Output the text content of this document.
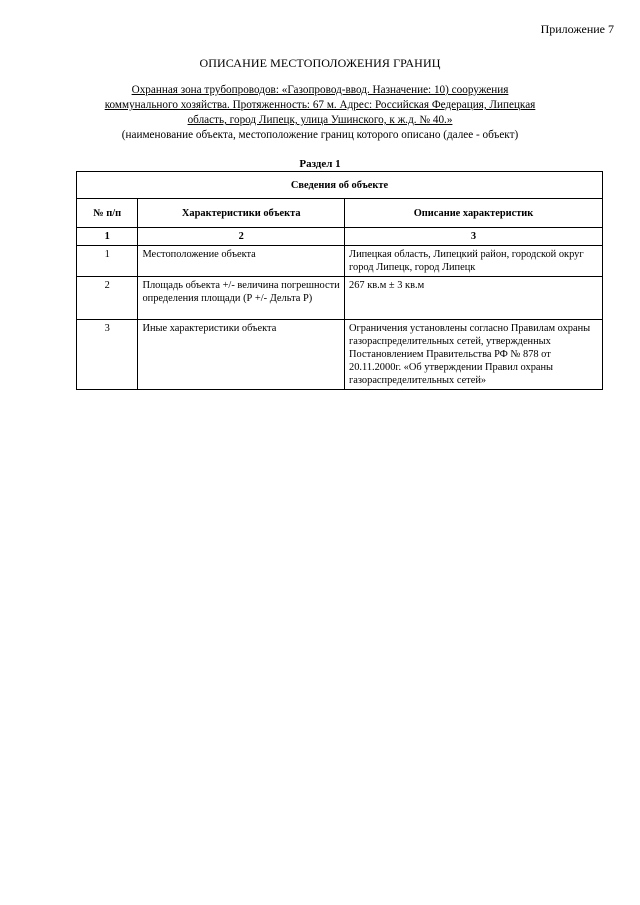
Приложение 7
ОПИСАНИЕ МЕСТОПОЛОЖЕНИЯ ГРАНИЦ
Охранная зона трубопроводов: «Газопровод-ввод. Назначение: 10) сооружения
коммунального хозяйства. Протяженность: 67 м. Адрес: Российская Федерация, Липецкая
область, город Липецк, улица Ушинского, к ж.д. № 40.»
(наименование объекта, местоположение границ которого описано (далее - объект)
Раздел 1
Сведения об объекте		
№ п/п	Характеристики объекта	Описание характеристик
1	2	3
1	Местоположение объекта	Липецкая область, Липецкий район, городской округ город Липецк, город Липецк
2	Площадь объекта +/- величина погрешности определения площади (Р +/- Дельта Р)	267 кв.м ± 3 кв.м
3	Иные характеристики объекта	Ограничения установлены согласно Правилам охраны газораспределительных сетей, утвержденных Постановлением Правительства РФ № 878 от 20.11.2000г. «Об утверждении Правил охраны газораспределительных сетей»
